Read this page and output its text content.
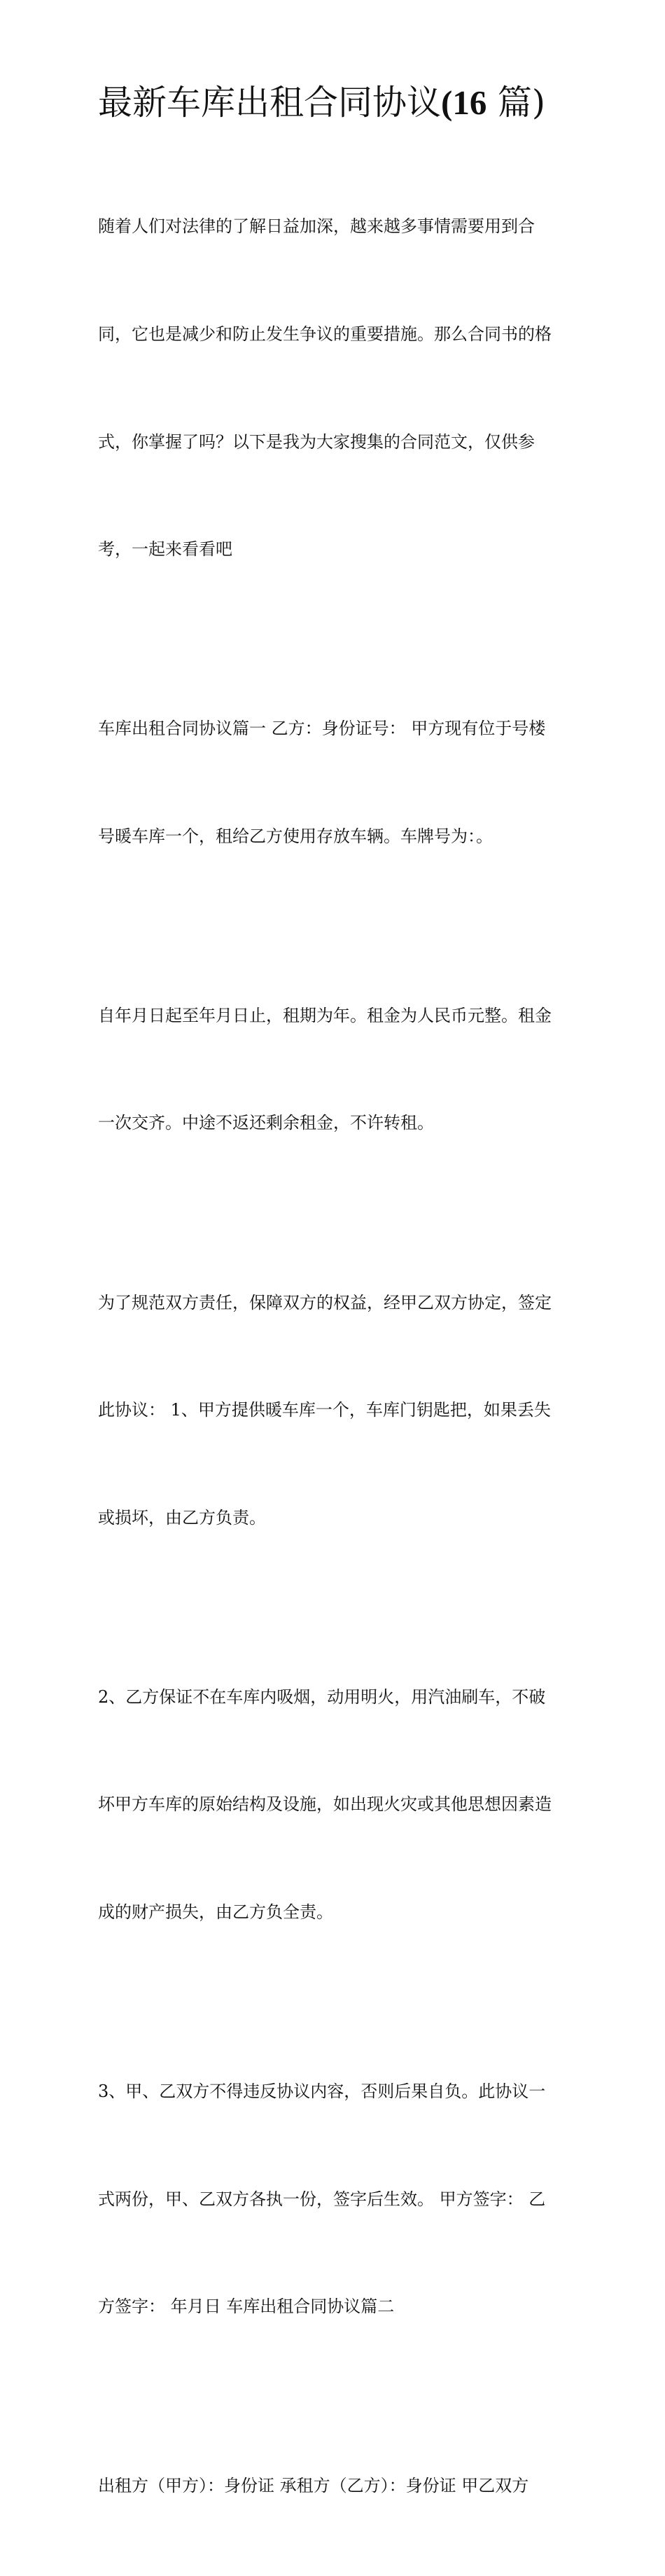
最新车库出租合同协议(16 篇)

随着人们对法律的了解日益加深，越来越多事情需要用到合

同，它也是减少和防止发生争议的重要措施。那么合同书的格

式，你掌握了吗？以下是我为大家搜集的合同范文，仅供参

考，一起来看看吧

车库出租合同协议篇一 乙方：身份证号： 甲方现有位于号楼

号暖车库一个，租给乙方使用存放车辆。车牌号为：。

自年月日起至年月日止，租期为年。租金为人民币元整。租金

一次交齐。中途不返还剩余租金，不许转租。

为了规范双方责任，保障双方的权益，经甲乙双方协定，签定

此协议： 1、甲方提供暖车库一个，车库门钥匙把，如果丢失

或损坏，由乙方负责。

2、乙方保证不在车库内吸烟，动用明火，用汽油刷车，不破

坏甲方车库的原始结构及设施，如出现火灾或其他思想因素造

成的财产损失，由乙方负全责。

3、甲、乙双方不得违反协议内容，否则后果自负。此协议一

式两份，甲、乙双方各执一份，签字后生效。 甲方签字： 乙

方签字： 年月日 车库出租合同协议篇二

出租方（甲方）：身份证 承租方（乙方）：身份证 甲乙双方
